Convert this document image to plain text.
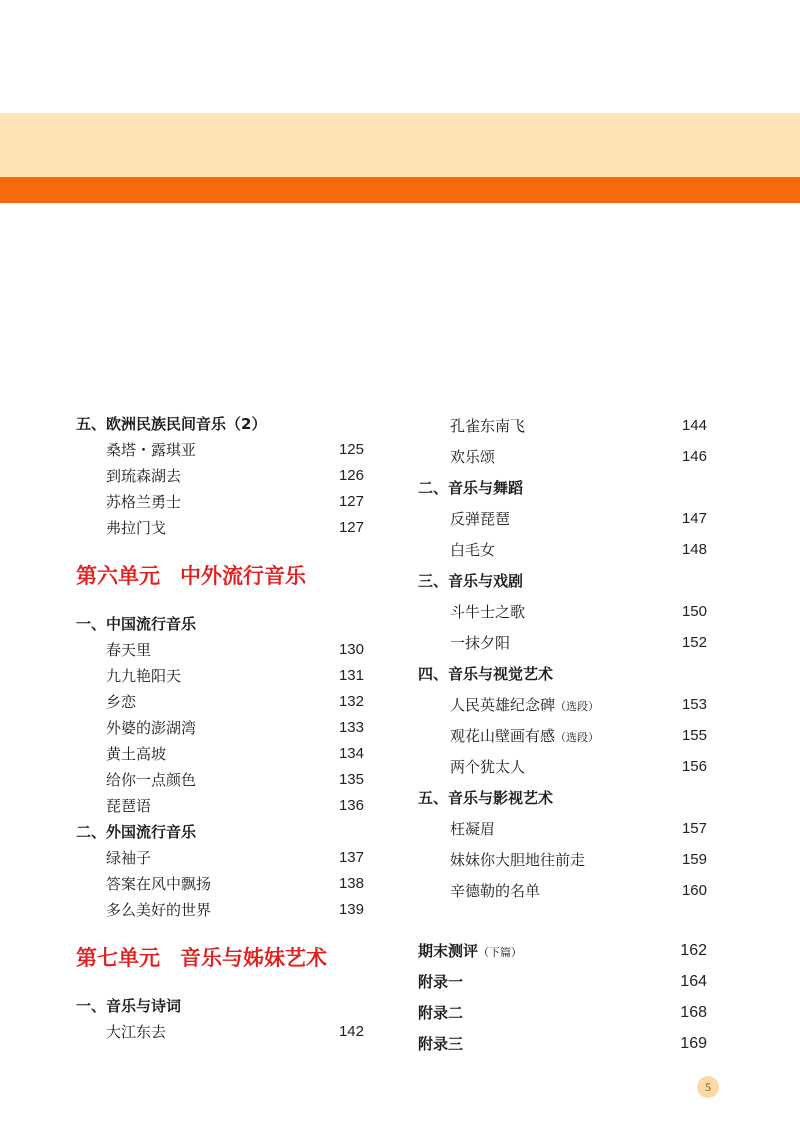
五、欧洲民族民间音乐（2）
桑塔・露琪亚	125
到琉森湖去	126
苏格兰勇士	127
弗拉门戈	127
第六单元 中外流行音乐
一、中国流行音乐
春天里	130
九九艳阳天	131
乡恋	132
外婆的澎湖湾	133
黄土高坡	134
给你一点颜色	135
琵琶语	136
二、外国流行音乐
绿袖子	137
答案在风中飘扬	138
多么美好的世界	139
第七单元 音乐与姊妹艺术
一、音乐与诗词
大江东去	142
孔雀东南飞	144
欢乐颂	146
二、音乐与舞蹈
反弹琵琶	147
白毛女	148
三、音乐与戏剧
斗牛士之歌	150
一抹夕阳	152
四、音乐与视觉艺术
人民英雄纪念碑（选段）	153
观花山壁画有感（选段）	155
两个犹太人	156
五、音乐与影视艺术
枉凝眉	157
妹妹你大胆地往前走	159
辛德勒的名单	160
期末测评（下篇）	162
附录一	164
附录二	168
附录三	169
5
